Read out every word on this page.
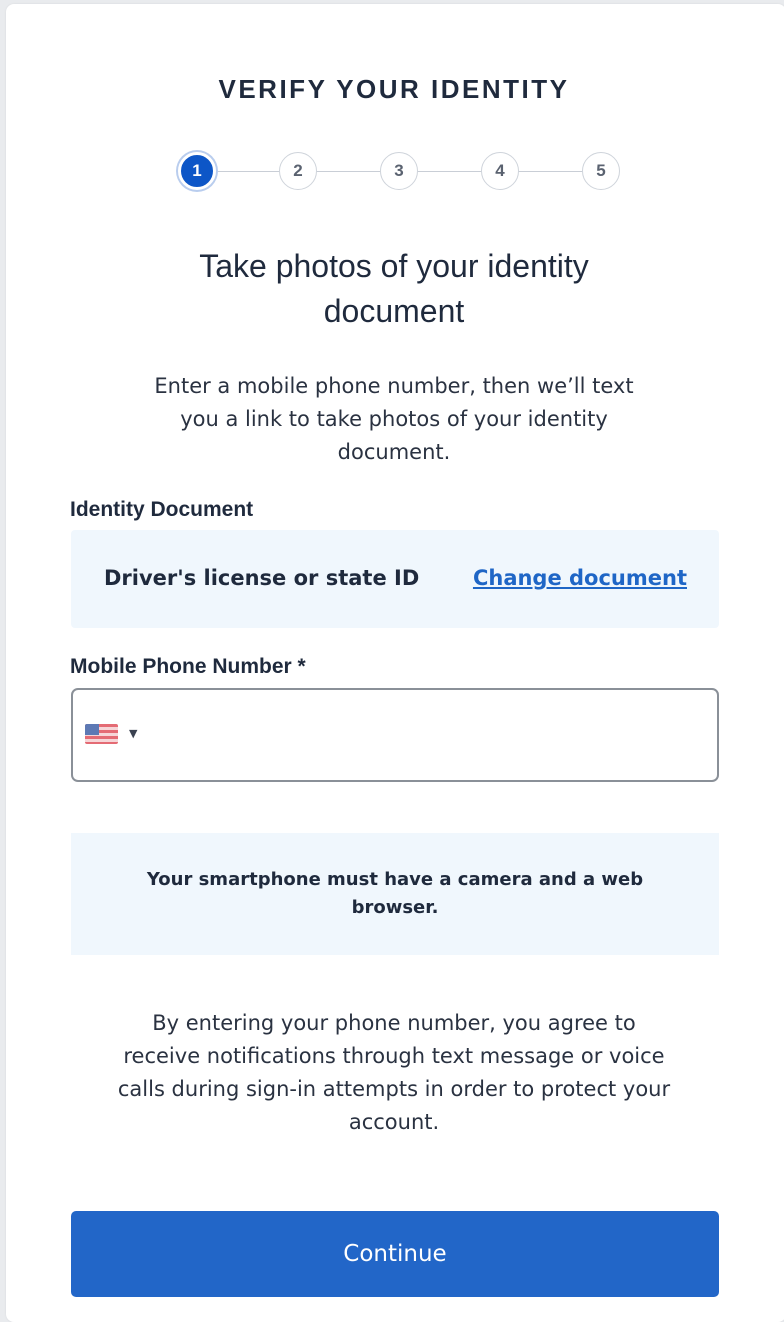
VERIFY YOUR IDENTITY
1	2	3	4	5
Take photos of your identity
document
Enter a mobile phone number, then we’ll text you a link to take photos of your identity document.
Identity Document
Driver's license or state ID	Change document
Mobile Phone Number *
▼
Your smartphone must have a camera and a web browser.
By entering your phone number, you agree to receive notifications through text message or voice calls during sign-in attempts in order to protect your account.
Continue
